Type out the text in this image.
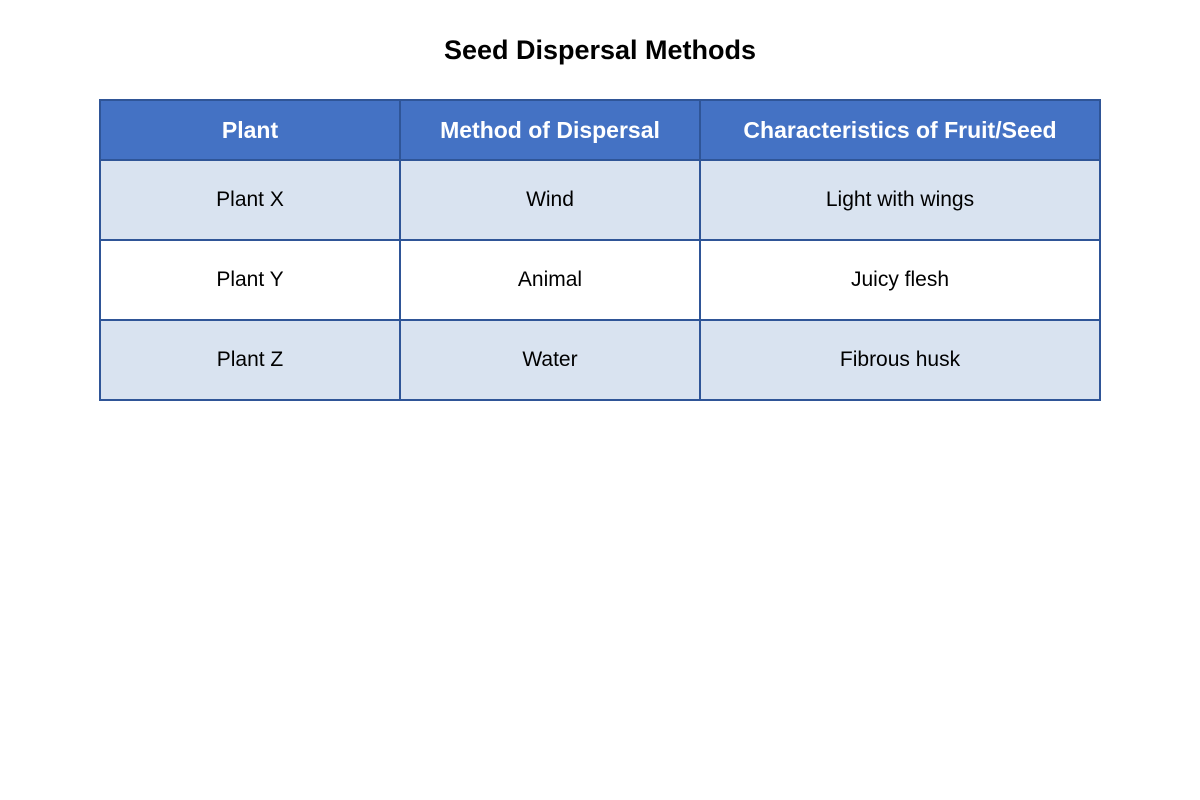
Seed Dispersal Methods
Plant	Method of Dispersal	Characteristics of Fruit/Seed
Plant X	Wind	Light with wings
Plant Y	Animal	Juicy flesh
Plant Z	Water	Fibrous husk
